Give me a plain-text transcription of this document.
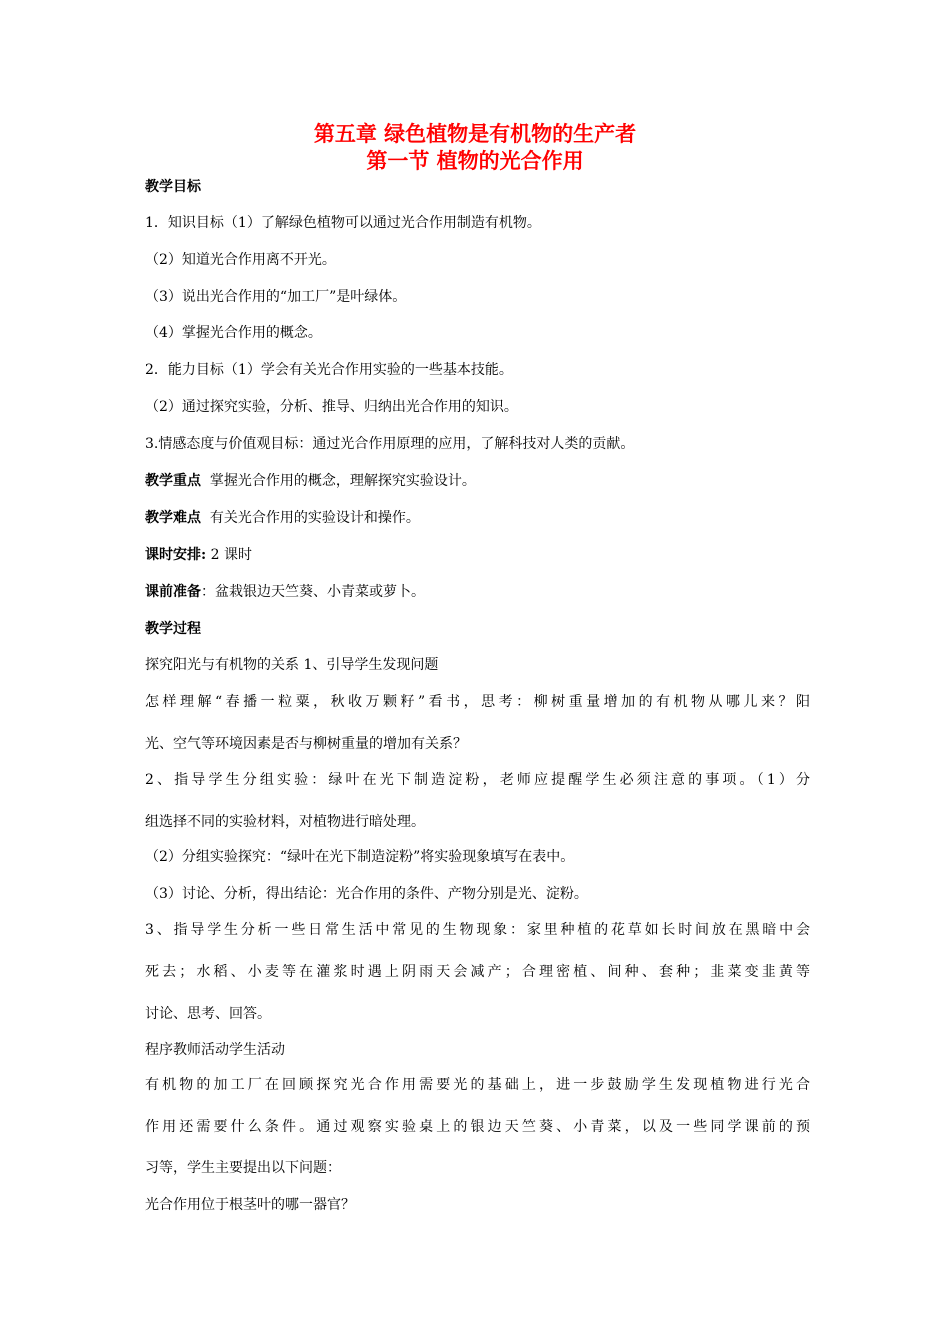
第五章 绿色植物是有机物的生产者
第一节 植物的光合作用
教学目标
1．知识目标（1）了解绿色植物可以通过光合作用制造有机物。
（2）知道光合作用离不开光。
（3）说出光合作用的“加工厂”是叶绿体。
（4）掌握光合作用的概念。
2．能力目标（1）学会有关光合作用实验的一些基本技能。
（2）通过探究实验，分析、推导、归纳出光合作用的知识。
3.情感态度与价值观目标：通过光合作用原理的应用，了解科技对人类的贡献。
教学重点  掌握光合作用的概念，理解探究实验设计。
教学难点  有关光合作用的实验设计和操作。
课时安排: 2 课时
课前准备：盆栽银边天竺葵、小青菜或萝卜。
教学过程
探究阳光与有机物的关系 1、引导学生发现问题
怎样理解“春播一粒粟，秋收万颗籽”看书，思考：柳树重量增加的有机物从哪儿来？阳
光、空气等环境因素是否与柳树重量的增加有关系？
2、指导学生分组实验：绿叶在光下制造淀粉，老师应提醒学生必须注意的事项。（1）分
组选择不同的实验材料，对植物进行暗处理。
（2）分组实验探究：“绿叶在光下制造淀粉”将实验现象填写在表中。
（3）讨论、分析，得出结论：光合作用的条件、产物分别是光、淀粉。
3、指导学生分析一些日常生活中常见的生物现象：家里种植的花草如长时间放在黑暗中会
死去；水稻、小麦等在灌浆时遇上阴雨天会减产；合理密植、间种、套种；韭菜变韭黄等
讨论、思考、回答。
程序教师活动学生活动
有机物的加工厂在回顾探究光合作用需要光的基础上，进一步鼓励学生发现植物进行光合
作用还需要什么条件。通过观察实验桌上的银边天竺葵、小青菜，以及一些同学课前的预
习等，学生主要提出以下问题：
光合作用位于根茎叶的哪一器官？
